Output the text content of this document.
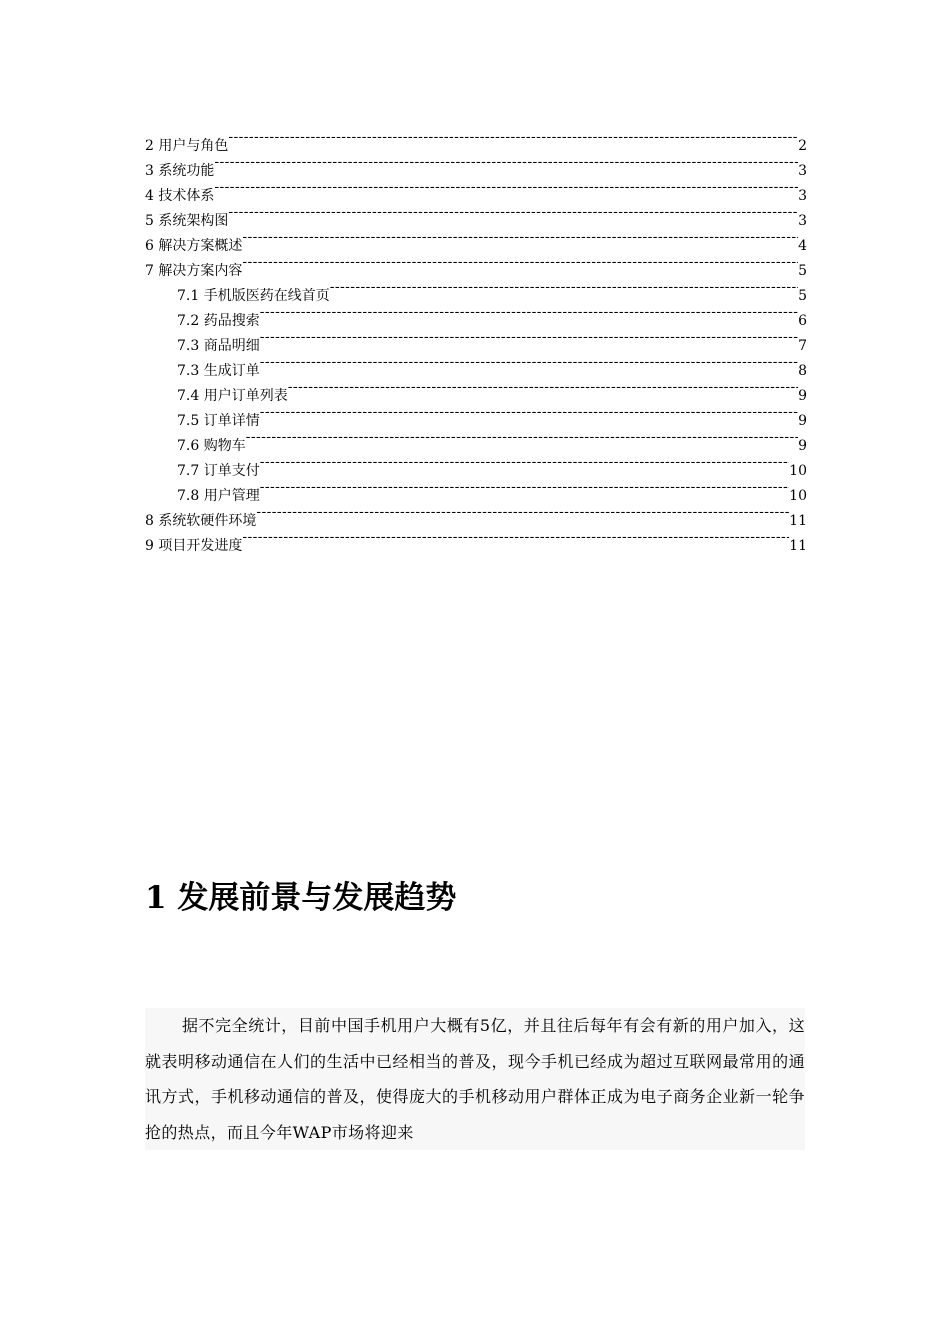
2 用户与角色 -----	2
3 系统功能 -----	3
4 技术体系 -----	3
5 系统架构图 -----	3
6 解决方案概述 -----	4
7 解决方案内容 -----	5
7.1 手机版医药在线首页 -----	5
7.2 药品搜索 -----	6
7.3 商品明细 -----	7
7.3 生成订单 -----	8
7.4 用户订单列表 -----	9
7.5 订单详情 -----	9
7.6 购物车 -----	9
7.7 订单支付 -----	10
7.8 用户管理 -----	10
8 系统软硬件环境 -----	11
9 项目开发进度 -----	11
1 发展前景与发展趋势

据不完全统计，目前中国手机用户大概有5亿，并且往后每年有会有新的用户加入，这就表明移动通信在人们的生活中已经相当的普及，现今手机已经成为超过互联网最常用的通讯方式，手机移动通信的普及，使得庞大的手机移动用户群体正成为电子商务企业新一轮争抢的热点，而且今年WAP市场将迎来
